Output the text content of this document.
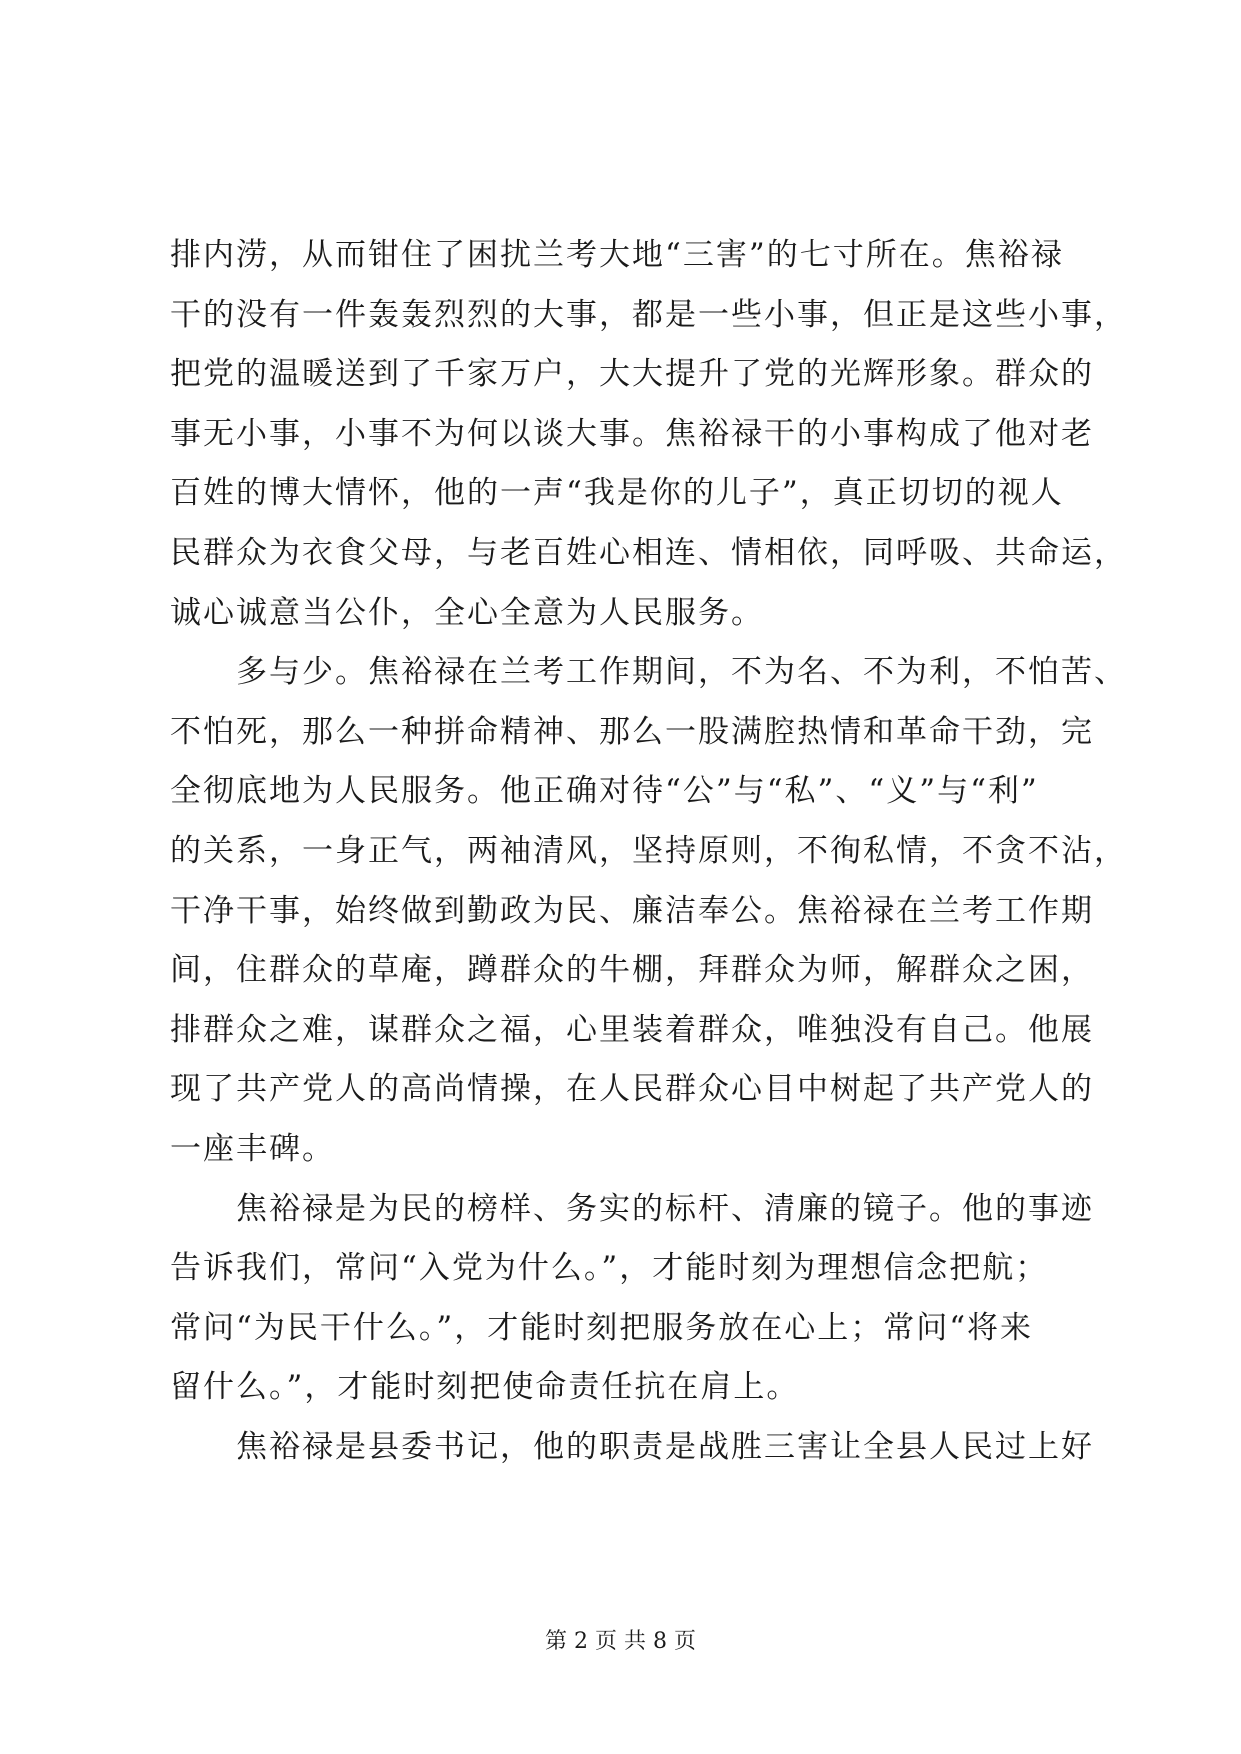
排内涝，从而钳住了困扰兰考大地“三害”的七寸所在。焦裕禄
干的没有一件轰轰烈烈的大事，都是一些小事，但正是这些小事，
把党的温暖送到了千家万户，大大提升了党的光辉形象。群众的
事无小事，小事不为何以谈大事。焦裕禄干的小事构成了他对老
百姓的博大情怀，他的一声“我是你的儿子”，真正切切的视人
民群众为衣食父母，与老百姓心相连、情相依，同呼吸、共命运，
诚心诚意当公仆，全心全意为人民服务。
　　多与少。焦裕禄在兰考工作期间，不为名、不为利，不怕苦、
不怕死，那么一种拼命精神、那么一股满腔热情和革命干劲，完
全彻底地为人民服务。他正确对待“公”与“私”、“义”与“利”
的关系，一身正气，两袖清风，坚持原则，不徇私情，不贪不沾，
干净干事，始终做到勤政为民、廉洁奉公。焦裕禄在兰考工作期
间，住群众的草庵，蹲群众的牛棚，拜群众为师，解群众之困，
排群众之难，谋群众之福，心里装着群众，唯独没有自己。他展
现了共产党人的高尚情操，在人民群众心目中树起了共产党人的
一座丰碑。
　　焦裕禄是为民的榜样、务实的标杆、清廉的镜子。他的事迹
告诉我们，常问“入党为什么。”，才能时刻为理想信念把航；
常问“为民干什么。”，才能时刻把服务放在心上；常问“将来
留什么。”，才能时刻把使命责任抗在肩上。
　　焦裕禄是县委书记，他的职责是战胜三害让全县人民过上好
第 2 页 共 8 页
